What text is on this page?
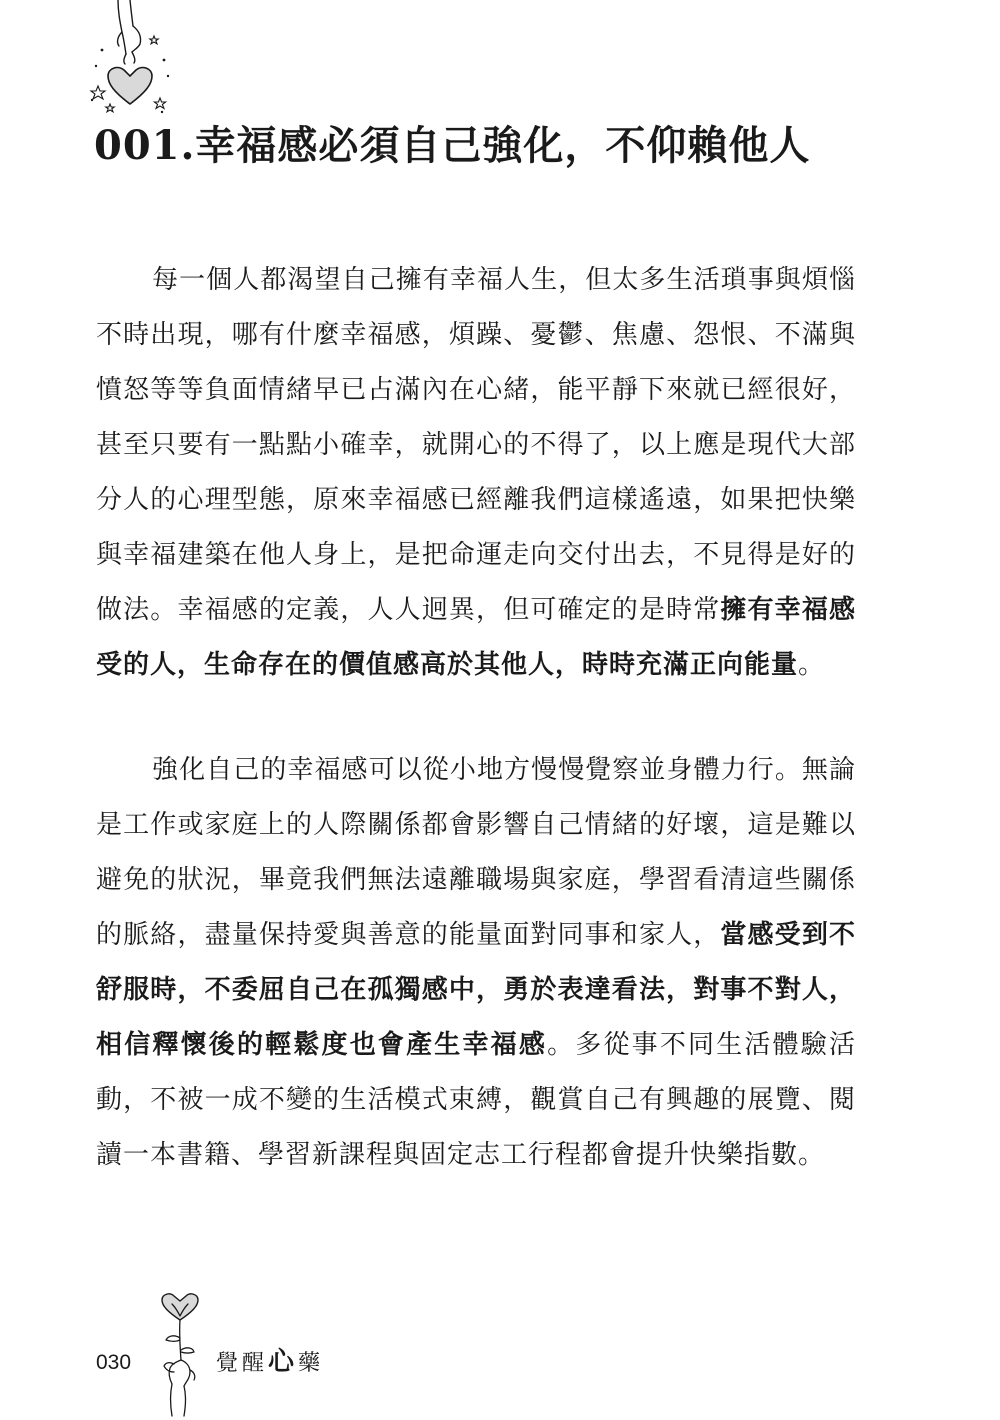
001.幸福感必須自己強化，不仰賴他人

每一個人都渴望自己擁有幸福人生，但太多生活瑣事與煩惱不時出現，哪有什麼幸福感，煩躁、憂鬱、焦慮、怨恨、不滿與憤怒等等負面情緒早已占滿內在心緒，能平靜下來就已經很好，甚至只要有一點點小確幸，就開心的不得了，以上應是現代大部分人的心理型態，原來幸福感已經離我們這樣遙遠，如果把快樂與幸福建築在他人身上，是把命運走向交付出去，不見得是好的做法。幸福感的定義，人人迥異，但可確定的是時常擁有幸福感受的人，生命存在的價值感高於其他人，時時充滿正向能量。

強化自己的幸福感可以從小地方慢慢覺察並身體力行。無論是工作或家庭上的人際關係都會影響自己情緒的好壞，這是難以避免的狀況，畢竟我們無法遠離職場與家庭，學習看清這些關係的脈絡，盡量保持愛與善意的能量面對同事和家人，當感受到不舒服時，不委屈自己在孤獨感中，勇於表達看法，對事不對人，相信釋懷後的輕鬆度也會產生幸福感。多從事不同生活體驗活動，不被一成不變的生活模式束縛，觀賞自己有興趣的展覽、閱讀一本書籍、學習新課程與固定志工行程都會提升快樂指數。

030	覺醒心藥
